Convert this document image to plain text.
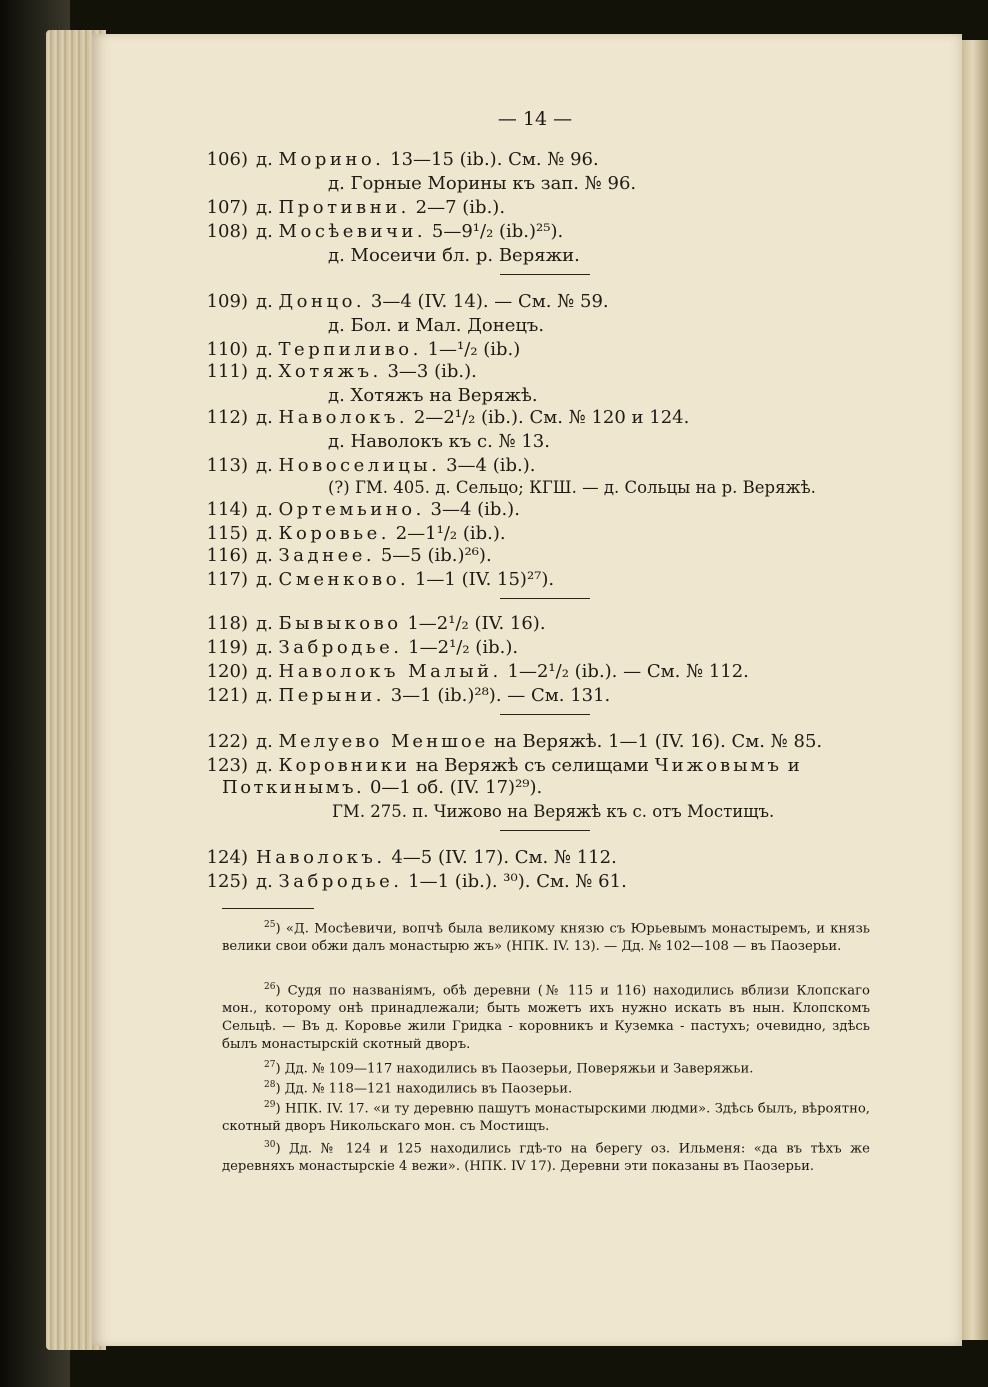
— 14 —
106) д. Морино. 13—15 (ib.). См. № 96.
д. Горные Морины къ зап. № 96.
107) д. Противни. 2—7 (ib.).
108) д. Мосѣевичи. 5—9¹/₂ (ib.)²⁵).
д. Мосеичи бл. р. Веряжи.
109) д. Донцо. 3—4 (IV. 14). — См. № 59.
д. Бол. и Мал. Донецъ.
110) д. Терпиливо. 1—¹/₂ (ib.)
111) д. Хотяжъ. 3—3 (ib.).
д. Хотяжъ на Веряжѣ.
112) д. Наволокъ. 2—2¹/₂ (ib.). См. № 120 и 124.
д. Наволокъ къ с. № 13.
113) д. Новоселицы. 3—4 (ib.).
(?) ГМ. 405. д. Сельцо; КГШ. — д. Сольцы на р. Веряжѣ.
114) д. Ортемьино. 3—4 (ib.).
115) д. Коровье. 2—1¹/₂ (ib.).
116) д. Заднее. 5—5 (ib.)²⁶).
117) д. Сменково. 1—1 (IV. 15)²⁷).
118) д. Бывыково 1—2¹/₂ (IV. 16).
119) д. Забродье. 1—2¹/₂ (ib.).
120) д. Наволокъ Малый. 1—2¹/₂ (ib.). — См. № 112.
121) д. Перыни. 3—1 (ib.)²⁸). — См. 131.
122) д. Мелуево Меншое на Веряжѣ. 1—1 (IV. 16). См. № 85.
123) д. Коровники на Веряжѣ съ селищами Чижовымъ и
Поткинымъ. 0—1 об. (IV. 17)²⁹).
ГМ. 275. п. Чижово на Веряжѣ къ с. отъ Мостищъ.
124) Наволокъ. 4—5 (IV. 17). См. № 112.
125) д. Забродье. 1—1 (ib.). ³⁰). См. № 61.
$^{25}$) «Д. Мосѣевичи, вопчѣ была великому князю съ Юрьевымъ монастыремъ, и князь велики свои обжи далъ монастырю жъ» (НПК. IV. 13). — Дд. № 102—108 — въ Паозерьи.
$^{26}$) Судя по названіямъ, обѣ деревни (№ 115 и 116) находились вблизи Клопскаго мон., которому онѣ принадлежали; быть можетъ ихъ нужно искать въ нын. Клопскомъ Сельцѣ. — Въ д. Коровье жили Гридка - коровникъ и Куземка - пастухъ; очевидно, здѣсь былъ монастырскій скотный дворъ.
$^{27}$) Дд. № 109—117 находились въ Паозерьи, Поверяжьи и Заверяжьи.
$^{28}$) Дд. № 118—121 находились въ Паозерьи.
$^{29}$) НПК. IV. 17. «и ту деревню пашутъ монастырскими людми». Здѣсь былъ, вѣроятно, скотный дворъ Никольскаго мон. съ Мостищъ.
$^{30}$) Дд. № 124 и 125 находились гдѣ-то на берегу оз. Ильменя: «да въ тѣхъ же деревняхъ монастырскіе 4 вежи». (НПК. IV 17). Деревни эти показаны въ Паозерьи.
